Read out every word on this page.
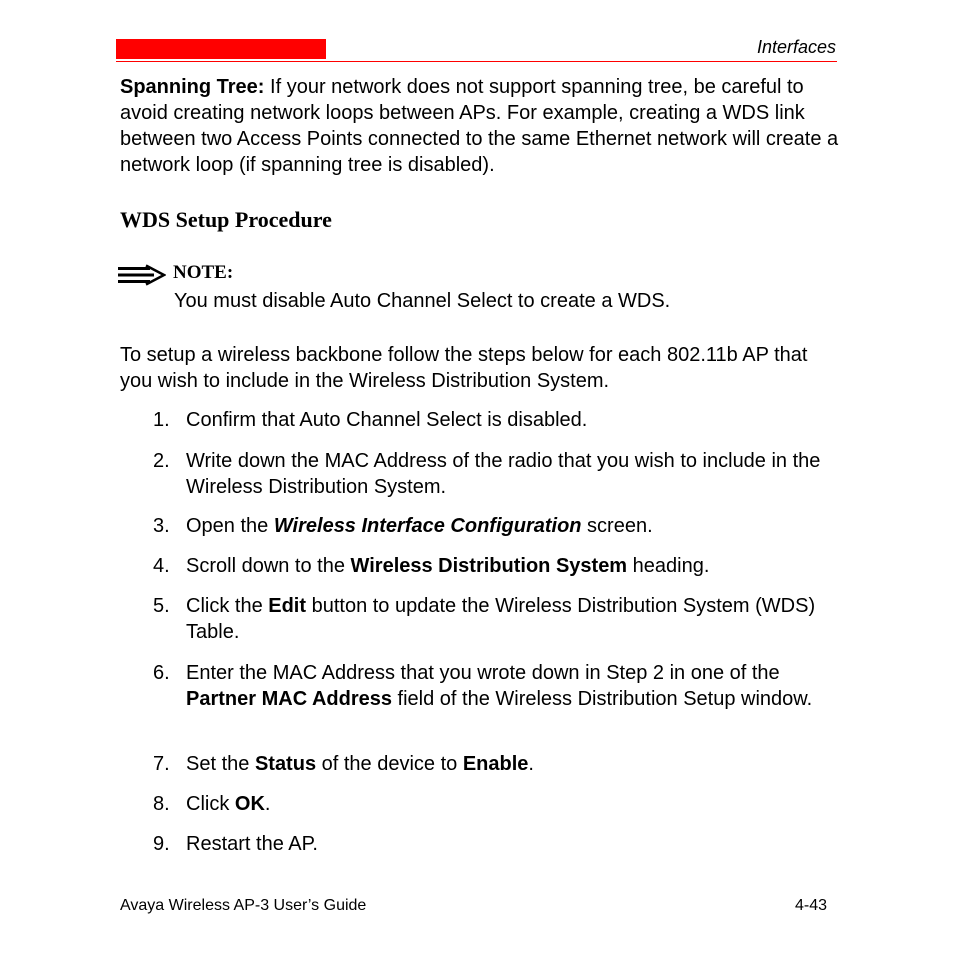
Interfaces
Spanning Tree: If your network does not support spanning tree, be careful to avoid creating network loops between APs. For example, creating a WDS link between two Access Points connected to the same Ethernet network will create a network loop (if spanning tree is disabled).
WDS Setup Procedure
NOTE:
You must disable Auto Channel Select to create a WDS.
To setup a wireless backbone follow the steps below for each 802.11b AP that you wish to include in the Wireless Distribution System.
1. Confirm that Auto Channel Select is disabled.
2. Write down the MAC Address of the radio that you wish to include in the Wireless Distribution System.
3. Open the Wireless Interface Configuration screen.
4. Scroll down to the Wireless Distribution System heading.
5. Click the Edit button to update the Wireless Distribution System (WDS) Table.
6. Enter the MAC Address that you wrote down in Step 2 in one of the Partner MAC Address field of the Wireless Distribution Setup window.
7. Set the Status of the device to Enable.
8. Click OK.
9. Restart the AP.
Avaya Wireless AP-3 User’s Guide	4-43
